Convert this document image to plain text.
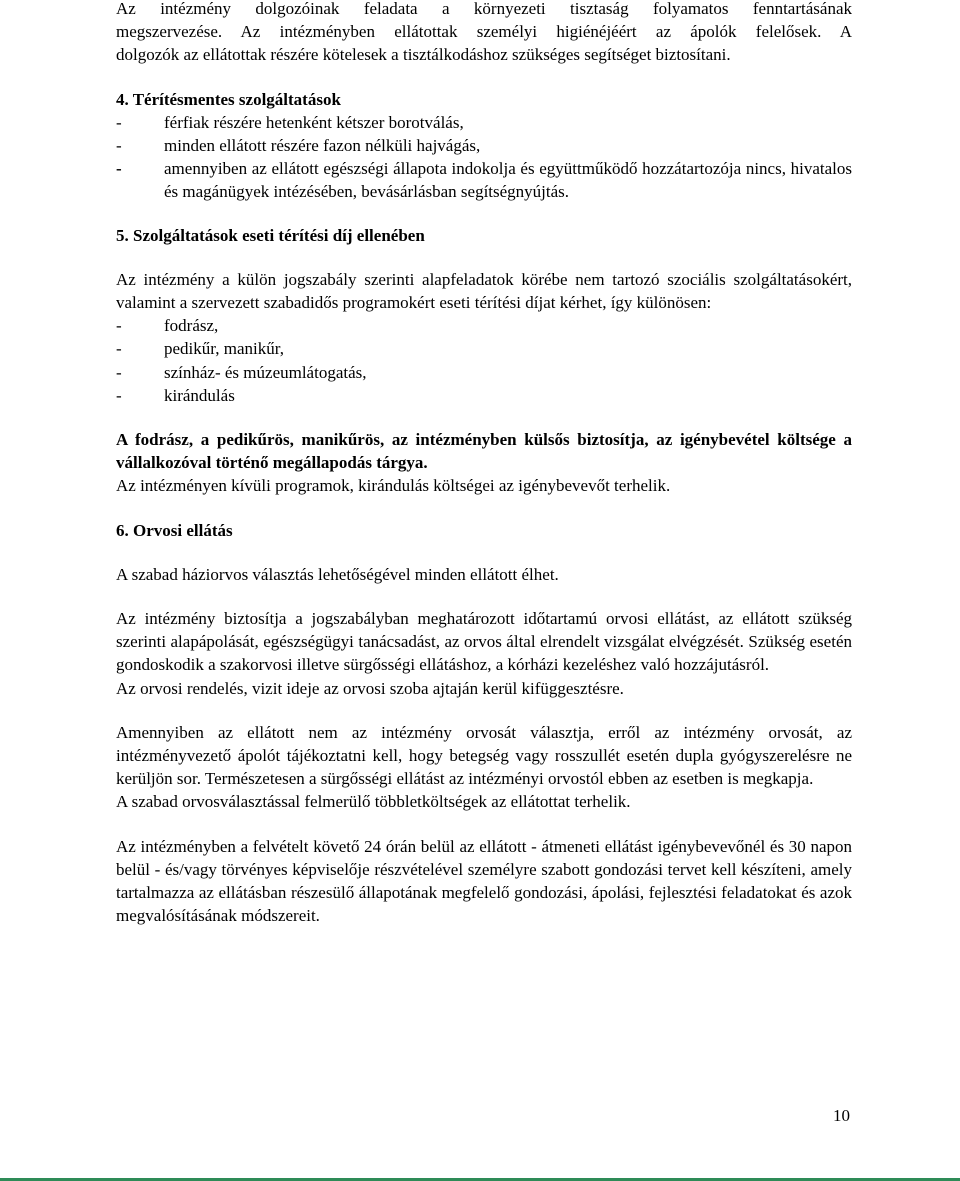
Az intézmény dolgozóinak feladata a környezeti tisztaság folyamatos fenntartásának

megszervezése. Az intézményben ellátottak személyi higiénéjéért az ápolók felelősek. A

dolgozók az ellátottak részére kötelesek a tisztálkodáshoz szükséges segítséget biztosítani.

4. Térítésmentes szolgáltatások

-	férfiak részére hetenként kétszer borotválás,
-	minden ellátott részére fazon nélküli hajvágás,
-	amennyiben az ellátott egészségi állapota indokolja és együttműködő hozzátartozója nincs, hivatalos és magánügyek intézésében, bevásárlásban segítségnyújtás.

5. Szolgáltatások eseti térítési díj ellenében

Az intézmény a külön jogszabály szerinti alapfeladatok körébe nem tartozó szociális szolgáltatásokért, valamint a szervezett szabadidős programokért eseti térítési díjat kérhet, így különösen:

-	fodrász,
-	pedikűr, manikűr,
-	színház- és múzeumlátogatás,
-	kirándulás

A fodrász, a pedikűrös, manikűrös, az intézményben külsős biztosítja, az igénybevétel költsége a vállalkozóval történő megállapodás tárgya.

Az intézményen kívüli programok, kirándulás költségei az igénybevevőt terhelik.

6. Orvosi ellátás

A szabad háziorvos választás lehetőségével minden ellátott élhet.

Az intézmény biztosítja a jogszabályban meghatározott időtartamú orvosi ellátást, az ellátott szükség szerinti alapápolását, egészségügyi tanácsadást, az orvos által elrendelt vizsgálat elvégzését. Szükség esetén gondoskodik a szakorvosi illetve sürgősségi ellátáshoz, a kórházi kezeléshez való hozzájutásról.

Az orvosi rendelés, vizit ideje az orvosi szoba ajtaján kerül kifüggesztésre.

Amennyiben az ellátott nem az intézmény orvosát választja, erről az intézmény orvosát, az intézményvezető ápolót tájékoztatni kell, hogy betegség vagy rosszullét esetén dupla gyógyszerelésre ne kerüljön sor. Természetesen a sürgősségi ellátást az intézményi orvostól ebben az esetben is megkapja.

A szabad orvosválasztással felmerülő többletköltségek az ellátottat terhelik.

Az intézményben a felvételt követő 24 órán belül az ellátott - átmeneti ellátást igénybevevőnél és 30 napon belül - és/vagy törvényes képviselője részvételével személyre szabott gondozási tervet kell készíteni, amely tartalmazza az ellátásban részesülő állapotának megfelelő gondozási, ápolási, fejlesztési feladatokat és azok megvalósításának módszereit.

10
